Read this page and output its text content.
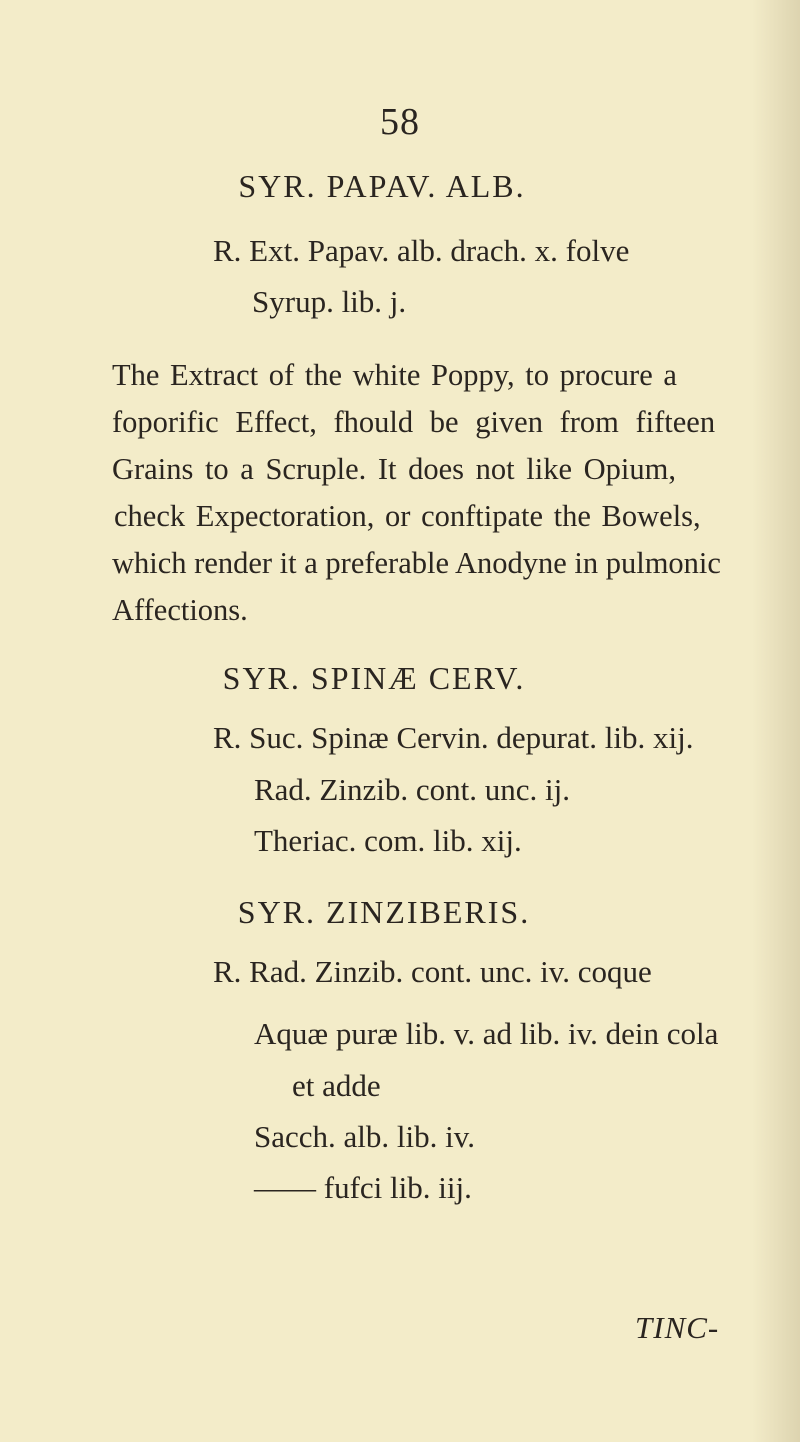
58
SYR. PAPAV. ALB.
R. Ext. Papav. alb. drach. x. folve
Syrup. lib. j.
The Extract of the white Poppy, to procure a
foporific Effect, fhould be given from fifteen
Grains to a Scruple. It does not like Opium,
check Expectoration, or conftipate the Bowels,
which render it a preferable Anodyne in pulmonic
Affections.
SYR. SPINÆ CERV.
R. Suc. Spinæ Cervin. depurat. lib. xij.
Rad. Zinzib. cont. unc. ij.
Theriac. com. lib. xij.
SYR. ZINZIBERIS.
R. Rad. Zinzib. cont. unc. iv. coque
Aquæ puræ lib. v. ad lib. iv. dein cola
et adde
Sacch. alb. lib. iv.
—— fufci lib. iij.
TINC-
